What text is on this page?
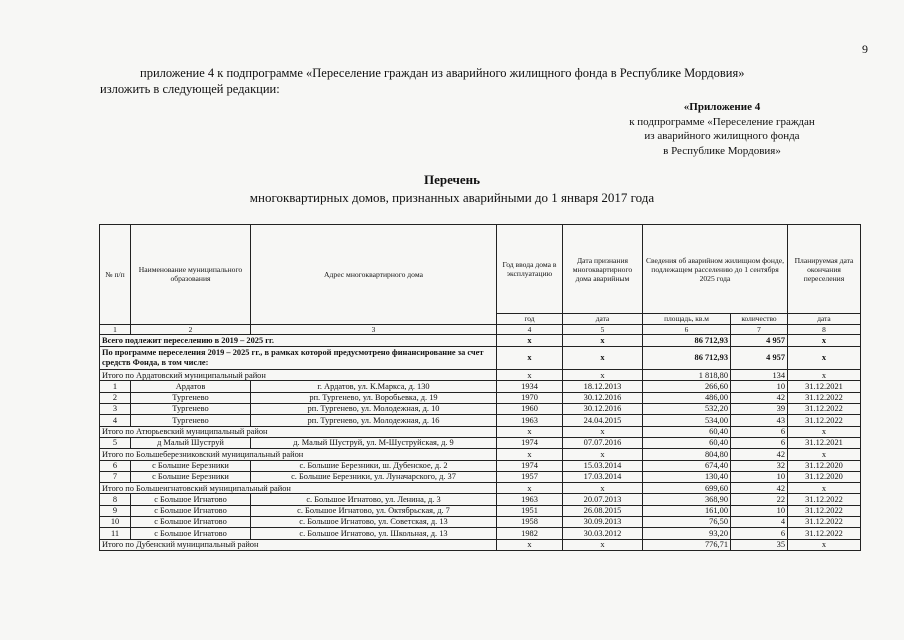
9
приложение 4 к подпрограмме «Переселение граждан из аварийного жилищного фонда в Республике Мордовия»
изложить в следующей редакции:
«Приложение 4
к подпрограмме «Переселение граждан
из аварийного жилищного фонда
в Республике Мордовия»
Перечень
многоквартирных домов, признанных аварийными до 1 января 2017 года
№ п/п	Наименование муниципального образования	Адрес многоквартирного дома	Год ввода дома в эксплуатацию	Дата признания многоквартирного дома аварийным	Сведения об аварийном жилищном фонде, подлежащем расселению до 1 сентября 2025 года		Планируемая дата окончания переселения
			год	дата	площадь, кв.м	количество	дата
1	2	3	4	5	6	7	8
Всего подлежит переселению в 2019 – 2025 гг.			x	x	86 712,93	4 957	x
По программе переселения 2019 – 2025 гг., в рамках которой предусмотрено финансирование за счет средств Фонда, в том числе:			x	x	86 712,93	4 957	x
Итого по Ардатовский муниципальный район			x	x	1 818,80	134	x
1	Ардатов	г. Ардатов, ул. К.Маркса, д. 130	1934	18.12.2013	266,60	10	31.12.2021
2	Тургенево	рп. Тургенево, ул. Воробьевка, д. 19	1970	30.12.2016	486,00	42	31.12.2022
3	Тургенево	рп. Тургенево, ул. Молодежная, д. 10	1960	30.12.2016	532,20	39	31.12.2022
4	Тургенево	рп. Тургенево, ул. Молодежная, д. 16	1963	24.04.2015	534,00	43	31.12.2022
Итого по Атюрьевский муниципальный район			x	x	60,40	6	x
5	д Малый Шуструй	д. Малый Шуструй, ул. М-Шуструйская, д. 9	1974	07.07.2016	60,40	6	31.12.2021
Итого по Большеберезниковский муниципальный район			x	x	804,80	42	x
6	с Большие Березники	с. Большие Березники, ш. Дубенское, д. 2	1974	15.03.2014	674,40	32	31.12.2020
7	с Большие Березники	с. Большие Березники, ул. Луначарского, д. 37	1957	17.03.2014	130,40	10	31.12.2020
Итого по Большеигнатовский муниципальный район			x	x	699,60	42	x
8	с Большое Игнатово	с. Большое Игнатово, ул. Ленина, д. 3	1963	20.07.2013	368,90	22	31.12.2022
9	с Большое Игнатово	с. Большое Игнатово, ул. Октябрьская, д. 7	1951	26.08.2015	161,00	10	31.12.2022
10	с Большое Игнатово	с. Большое Игнатово, ул. Советская, д. 13	1958	30.09.2013	76,50	4	31.12.2022
11	с Большое Игнатово	с. Большое Игнатово, ул. Школьная, д. 13	1982	30.03.2012	93,20	6	31.12.2022
Итого по Дубенский муниципальный район			x	x	776,71	35	x
